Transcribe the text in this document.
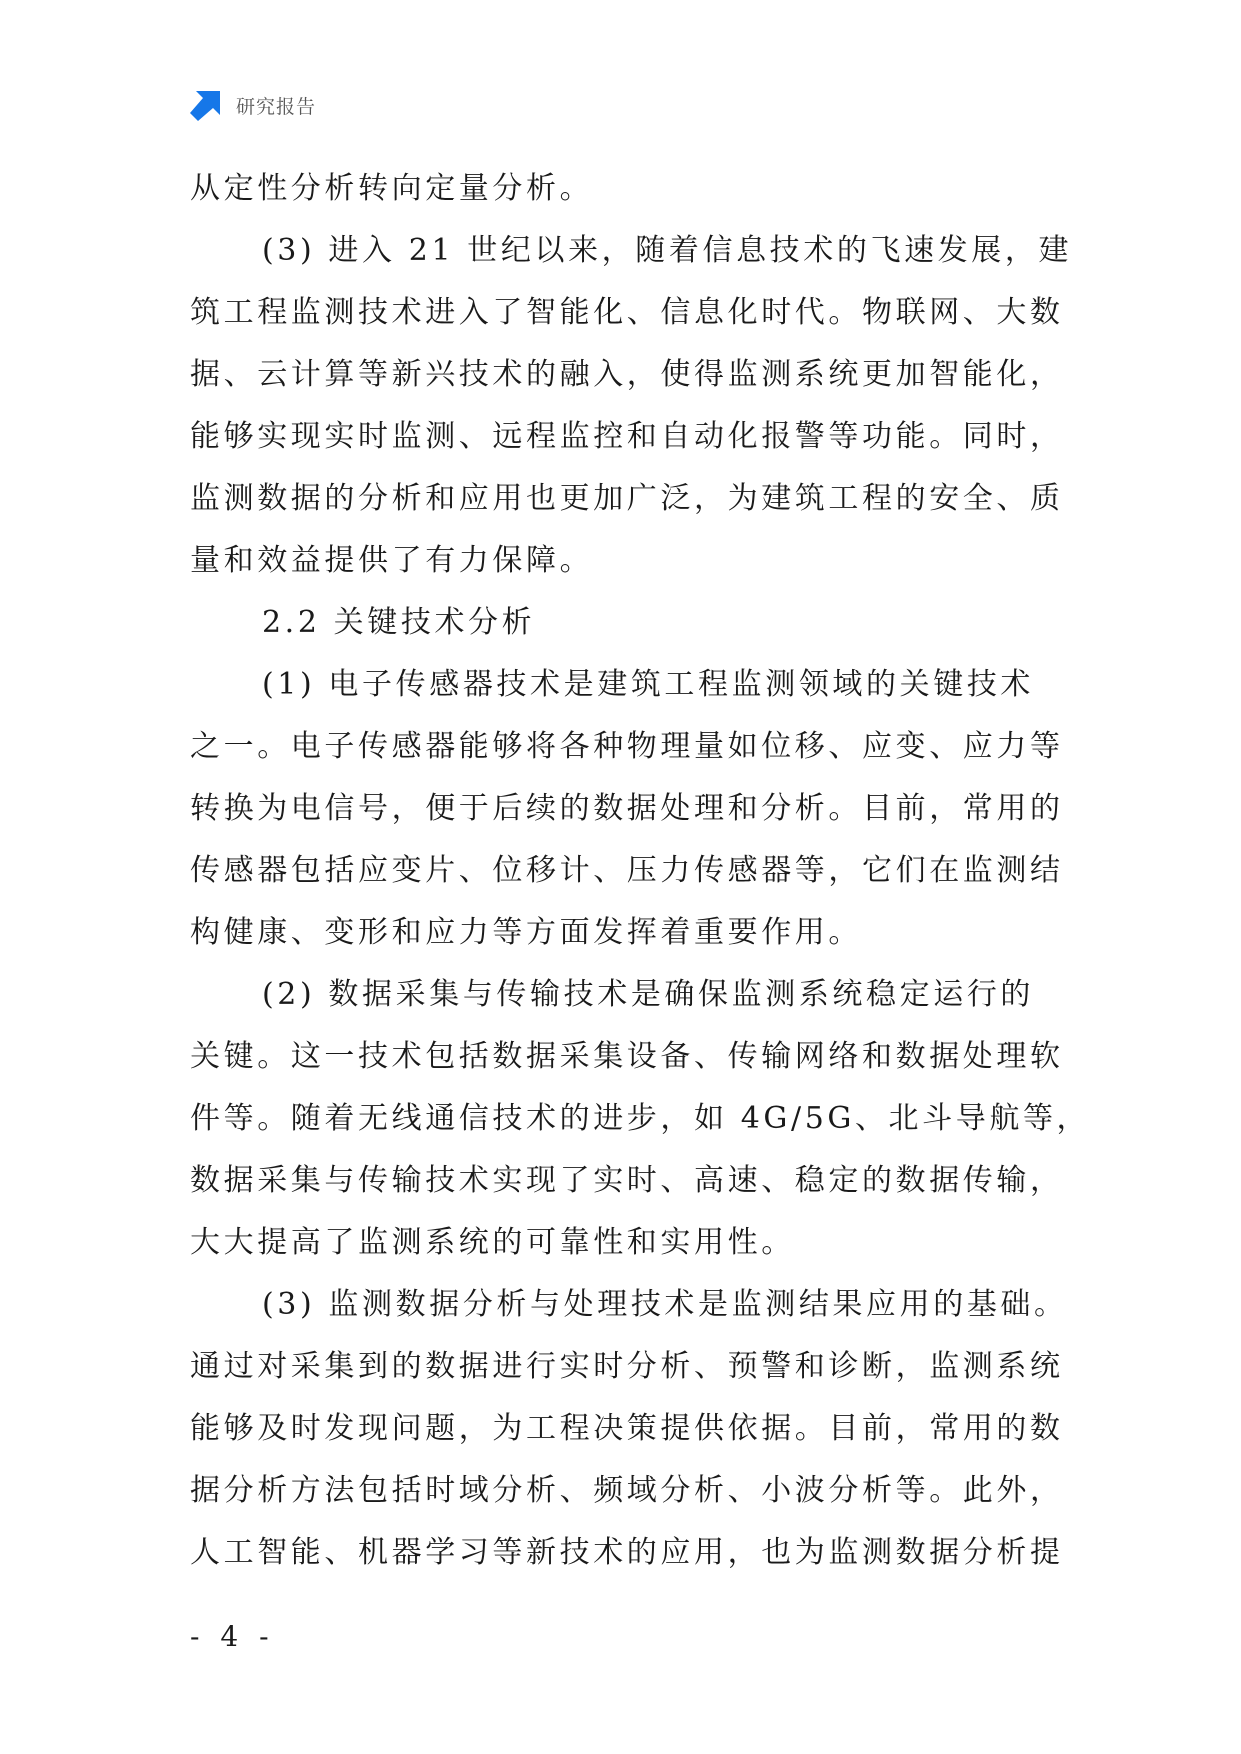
研究报告
从定性分析转向定量分析。
(3) 进入 21 世纪以来，随着信息技术的飞速发展，建
筑工程监测技术进入了智能化、信息化时代。物联网、大数
据、云计算等新兴技术的融入，使得监测系统更加智能化，
能够实现实时监测、远程监控和自动化报警等功能。同时，
监测数据的分析和应用也更加广泛，为建筑工程的安全、质
量和效益提供了有力保障。
2.2 关键技术分析
(1) 电子传感器技术是建筑工程监测领域的关键技术
之一。电子传感器能够将各种物理量如位移、应变、应力等
转换为电信号，便于后续的数据处理和分析。目前，常用的
传感器包括应变片、位移计、压力传感器等，它们在监测结
构健康、变形和应力等方面发挥着重要作用。
(2) 数据采集与传输技术是确保监测系统稳定运行的
关键。这一技术包括数据采集设备、传输网络和数据处理软
件等。随着无线通信技术的进步，如 4G/5G、北斗导航等，
数据采集与传输技术实现了实时、高速、稳定的数据传输，
大大提高了监测系统的可靠性和实用性。
(3) 监测数据分析与处理技术是监测结果应用的基础。
通过对采集到的数据进行实时分析、预警和诊断，监测系统
能够及时发现问题，为工程决策提供依据。目前，常用的数
据分析方法包括时域分析、频域分析、小波分析等。此外，
人工智能、机器学习等新技术的应用，也为监测数据分析提
- 4 -
